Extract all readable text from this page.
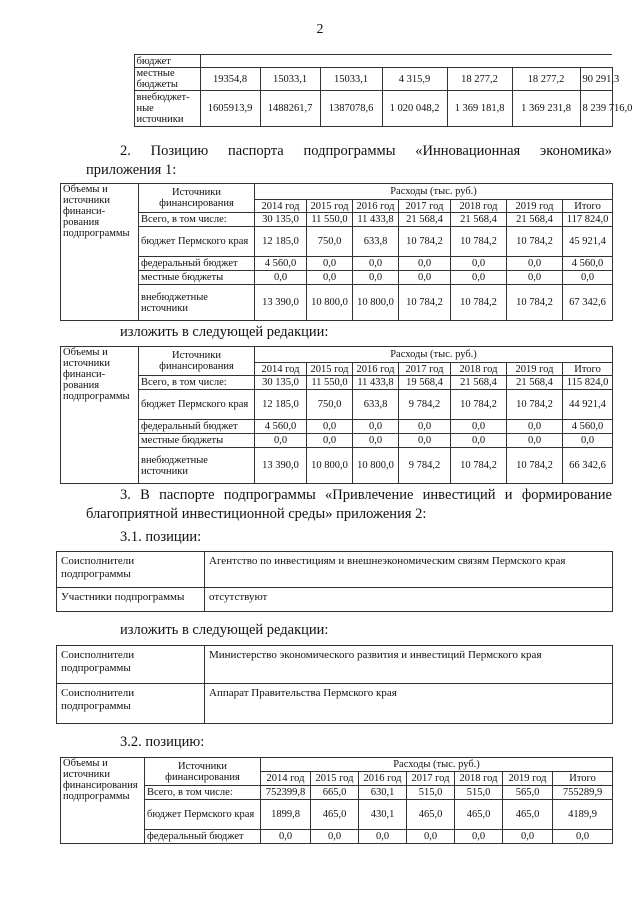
2
	бюджет							
	местные бюджеты	19354,8	15033,1	15033,1	4 315,9	18 277,2	18 277,2	90 291,3
	внебюджет-ные источники	1605913,9	1488261,7	1387078,6	1 020 048,2	1 369 181,8	1 369 231,8	8 239 716,0
2. Позицию паспорта подпрограммы «Инновационная экономика»
приложения 1:
Объемы и источники финанси-рования подпрограммы	Источники финансирования	Расходы (тыс. руб.)						
		2014 год	2015 год	2016 год	2017 год	2018 год	2019 год	Итого
	Всего, в том числе:	30 135,0	11 550,0	11 433,8	21 568,4	21 568,4	21 568,4	117 824,0
	бюджет Пермского края	12 185,0	750,0	633,8	10 784,2	10 784,2	10 784,2	45 921,4
	федеральный бюджет	4 560,0	0,0	0,0	0,0	0,0	0,0	4 560,0
	местные бюджеты	0,0	0,0	0,0	0,0	0,0	0,0	0,0
	внебюджетные источники	13 390,0	10 800,0	10 800,0	10 784,2	10 784,2	10 784,2	67 342,6
изложить в следующей редакции:
Объемы и источники финанси-рования подпрограммы	Источники финансирования	Расходы (тыс. руб.)						
		2014 год	2015 год	2016 год	2017 год	2018 год	2019 год	Итого
	Всего, в том числе:	30 135,0	11 550,0	11 433,8	19 568,4	21 568,4	21 568,4	115 824,0
	бюджет Пермского края	12 185,0	750,0	633,8	9 784,2	10 784,2	10 784,2	44 921,4
	федеральный бюджет	4 560,0	0,0	0,0	0,0	0,0	0,0	4 560,0
	местные бюджеты	0,0	0,0	0,0	0,0	0,0	0,0	0,0
	внебюджетные источники	13 390,0	10 800,0	10 800,0	9 784,2	10 784,2	10 784,2	66 342,6
3. В паспорте подпрограммы «Привлечение инвестиций и формирование
благоприятной инвестиционной среды» приложения 2:
3.1. позиции:
Соисполнители подпрограммы	Агентство по инвестициям и внешнеэкономическим связям Пермского края
Участники подпрограммы	отсутствуют
изложить в следующей редакции:
Соисполнители подпрограммы	Министерство экономического развития и инвестиций Пермского края
Соисполнители подпрограммы	Аппарат Правительства Пермского края
3.2. позицию:
Объемы и источники финансирования подпрограммы	Источники финансирования	Расходы (тыс. руб.)						
		2014 год	2015 год	2016 год	2017 год	2018 год	2019 год	Итого
	Всего, в том числе:	752399,8	665,0	630,1	515,0	515,0	565,0	755289,9
	бюджет Пермского края	1899,8	465,0	430,1	465,0	465,0	465,0	4189,9
	федеральный бюджет	0,0	0,0	0,0	0,0	0,0	0,0	0,0
